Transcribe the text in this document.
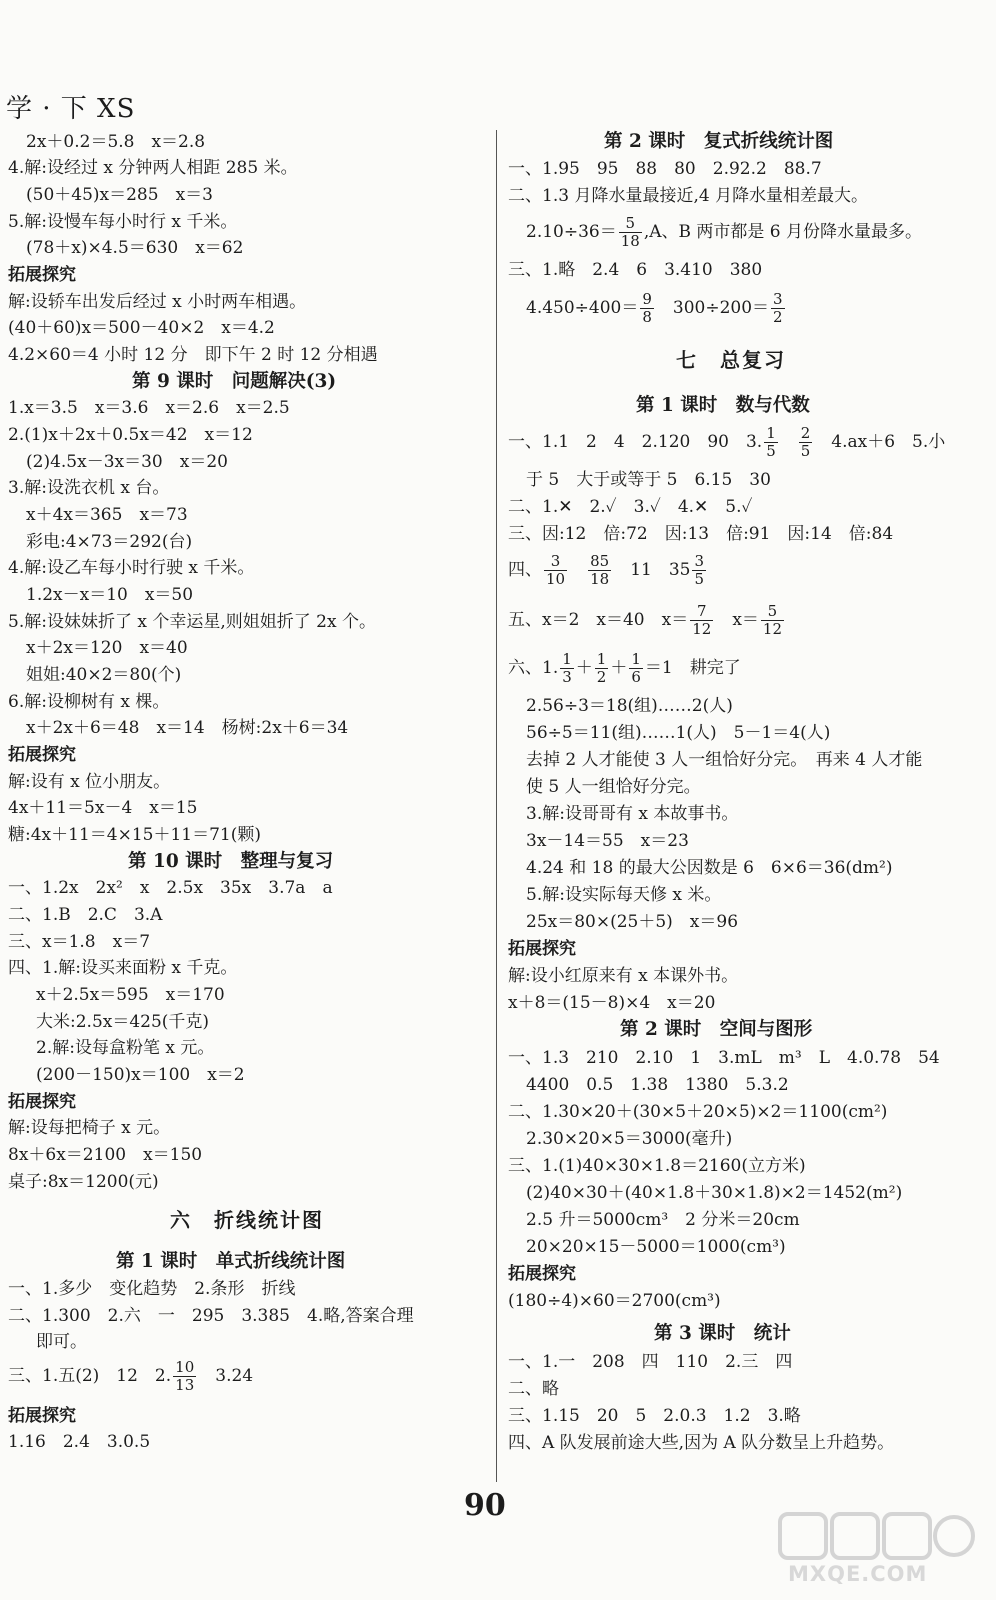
学 · 下 XS
2x＋0.2＝5.8　x＝2.8
4.解:设经过 x 分钟两人相距 285 米。
(50＋45)x＝285　x＝3
5.解:设慢车每小时行 x 千米。
(78＋x)×4.5＝630　x＝62
拓展探究
解:设轿车出发后经过 x 小时两车相遇。
(40＋60)x＝500－40×2　x＝4.2
4.2×60＝4 小时 12 分　即下午 2 时 12 分相遇
第 9 课时　问题解决(3)
1.x＝3.5　x＝3.6　x＝2.6　x＝2.5
2.(1)x＋2x＋0.5x＝42　x＝12
(2)4.5x－3x＝30　x＝20
3.解:设洗衣机 x 台。
x＋4x＝365　x＝73
彩电:4×73＝292(台)
4.解:设乙车每小时行驶 x 千米。
1.2x－x＝10　x＝50
5.解:设妹妹折了 x 个幸运星,则姐姐折了 2x 个。
x＋2x＝120　x＝40
姐姐:40×2＝80(个)
6.解:设柳树有 x 棵。
x＋2x＋6＝48　x＝14　杨树:2x＋6＝34
拓展探究
解:设有 x 位小朋友。
4x＋11＝5x－4　x＝15
糖:4x＋11＝4×15＋11＝71(颗)
第 10 课时　整理与复习
一、1.2x　2x²　x　2.5x　35x　3.7a　a
二、1.B　2.C　3.A
三、x＝1.8　x＝7
四、1.解:设买来面粉 x 千克。
x＋2.5x＝595　x＝170
大米:2.5x＝425(千克)
2.解:设每盒粉笔 x 元。
(200－150)x＝100　x＝2
拓展探究
解:设每把椅子 x 元。
8x＋6x＝2100　x＝150
桌子:8x＝1200(元)
六　折线统计图
第 1 课时　单式折线统计图
一、1.多少　变化趋势　2.条形　折线
二、1.300　2.六　一　295　3.385　4.略,答案合理
即可。
三、1.五(2)　12　2. $\frac{10}{13}$
　 3.24
拓展探究
1.16　2.4　3.0.5
第 2 课时　复式折线统计图
一、1.95　95　88　80　2.92.2　88.7
二、1.3 月降水量最接近,4 月降水量相差最大。
$2.10\div 36= \frac{5}{18} ,A$、B 两市都是 6 月份降水量最多。
三、1.略　2.4　6　3.410　380
$4.450\div 400= \frac{9}{8}$
　 $300\div 200= \frac{3}{2}$
七　总复习
第 1 课时　数与代数
一、1.1　2　4　2.120　90　3. $\frac{1}{5}$
　 $\frac{2}{5}$
　 4.ax＋6　5.小
于 5　大于或等于 5　6.15　30
二、1.✕　2.✓　3.✓　4.✕　5.✓
三、因:12　倍:72　因:13　倍:91　因:14　倍:84
四、 $\frac{3}{10}$
　 $\frac{85}{18}$
　 11　$35 \frac{3}{5}$
五、x＝2　x＝40　$x= \frac{7}{12}$
　 $x= \frac{5}{12}$
六、1. $\frac{1}{3} + \frac{1}{2} + \frac{1}{6} =1$　耕完了
2.56÷3＝18(组)……2(人)
56÷5＝11(组)……1(人)　5－1＝4(人)
去掉 2 人才能使 3 人一组恰好分完。　再来 4 人才能
使 5 人一组恰好分完。
3.解:设哥哥有 x 本故事书。
3x－14＝55　x＝23
4.24 和 18 的最大公因数是 6　6×6＝36(dm²)
5.解:设实际每天修 x 米。
25x＝80×(25＋5)　x＝96
拓展探究
解:设小红原来有 x 本课外书。
x＋8＝(15－8)×4　x＝20
第 2 课时　空间与图形
一、1.3　210　2.10　1　3.mL　m³　L　4.0.78　54
4400　0.5　1.38　1380　5.3.2
二、1.30×20＋(30×5＋20×5)×2＝1100(cm²)
2.30×20×5＝3000(毫升)
三、1.(1)40×30×1.8＝2160(立方米)
(2)40×30＋(40×1.8＋30×1.8)×2＝1452(m²)
2.5 升＝5000cm³　2 分米＝20cm
20×20×15－5000＝1000(cm³)
拓展探究
(180÷4)×60＝2700(cm³)
第 3 课时　统计
一、1.一　208　四　110　2.三　四
二、略
三、1.15　20　5　2.0.3　1.2　3.略
四、A 队发展前途大些,因为 A 队分数呈上升趋势。
90
MXQE.COM
